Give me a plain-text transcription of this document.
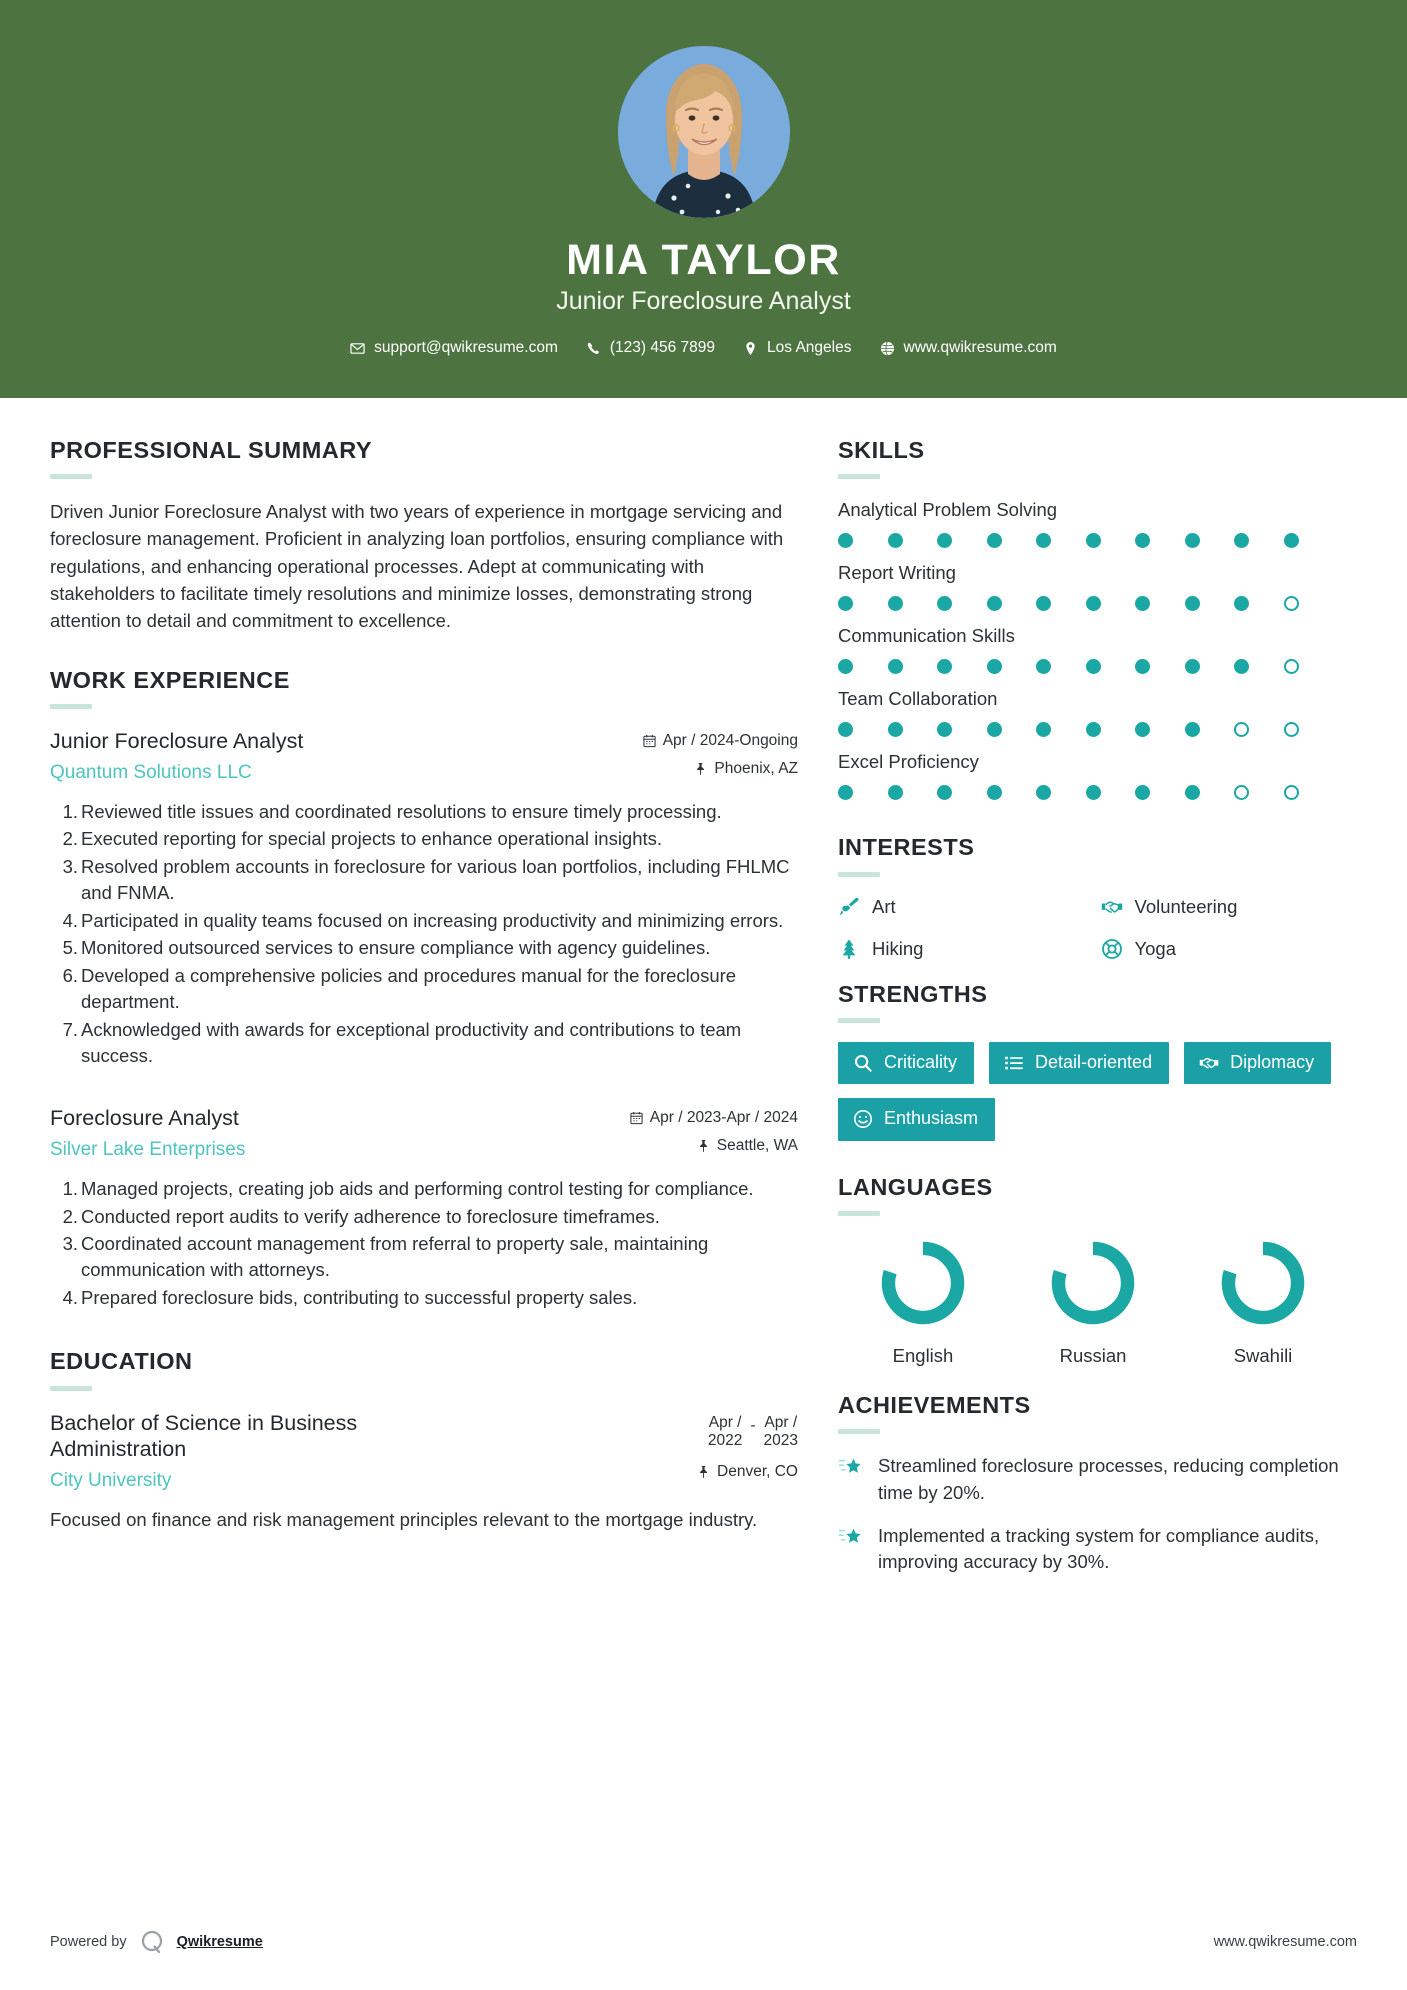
MIA TAYLOR
Junior Foreclosure Analyst
support@qwikresume.com	(123) 456 7899	Los Angeles	www.qwikresume.com
PROFESSIONAL SUMMARY
Driven Junior Foreclosure Analyst with two years of experience in mortgage servicing and foreclosure management. Proficient in analyzing loan portfolios, ensuring compliance with regulations, and enhancing operational processes. Adept at communicating with stakeholders to facilitate timely resolutions and minimize losses, demonstrating strong attention to detail and commitment to excellence.
WORK EXPERIENCE
Junior Foreclosure Analyst
Quantum Solutions LLC
Apr / 2024-Ongoing
Phoenix, AZ
Reviewed title issues and coordinated resolutions to ensure timely processing.
Executed reporting for special projects to enhance operational insights.
Resolved problem accounts in foreclosure for various loan portfolios, including FHLMC and FNMA.
Participated in quality teams focused on increasing productivity and minimizing errors.
Monitored outsourced services to ensure compliance with agency guidelines.
Developed a comprehensive policies and procedures manual for the foreclosure department.
Acknowledged with awards for exceptional productivity and contributions to team success.
Foreclosure Analyst
Silver Lake Enterprises
Apr / 2023-Apr / 2024
Seattle, WA
Managed projects, creating job aids and performing control testing for compliance.
Conducted report audits to verify adherence to foreclosure timeframes.
Coordinated account management from referral to property sale, maintaining communication with attorneys.
Prepared foreclosure bids, contributing to successful property sales.
EDUCATION
Bachelor of Science in Business Administration
City University
Apr /
2022
- Apr /
2023
Denver, CO
Focused on finance and risk management principles relevant to the mortgage industry.
SKILLS
Analytical Problem Solving
Report Writing
Communication Skills
Team Collaboration
Excel Proficiency
INTERESTS
Art	Volunteering
Hiking	Yoga
STRENGTHS
Criticality	Detail-oriented	Diplomacy
Enthusiasm
LANGUAGES
English	Russian	Swahili
ACHIEVEMENTS
Streamlined foreclosure processes, reducing completion time by 20%.
Implemented a tracking system for compliance audits, improving accuracy by 30%.
Powered by	Qwikresume	www.qwikresume.com
